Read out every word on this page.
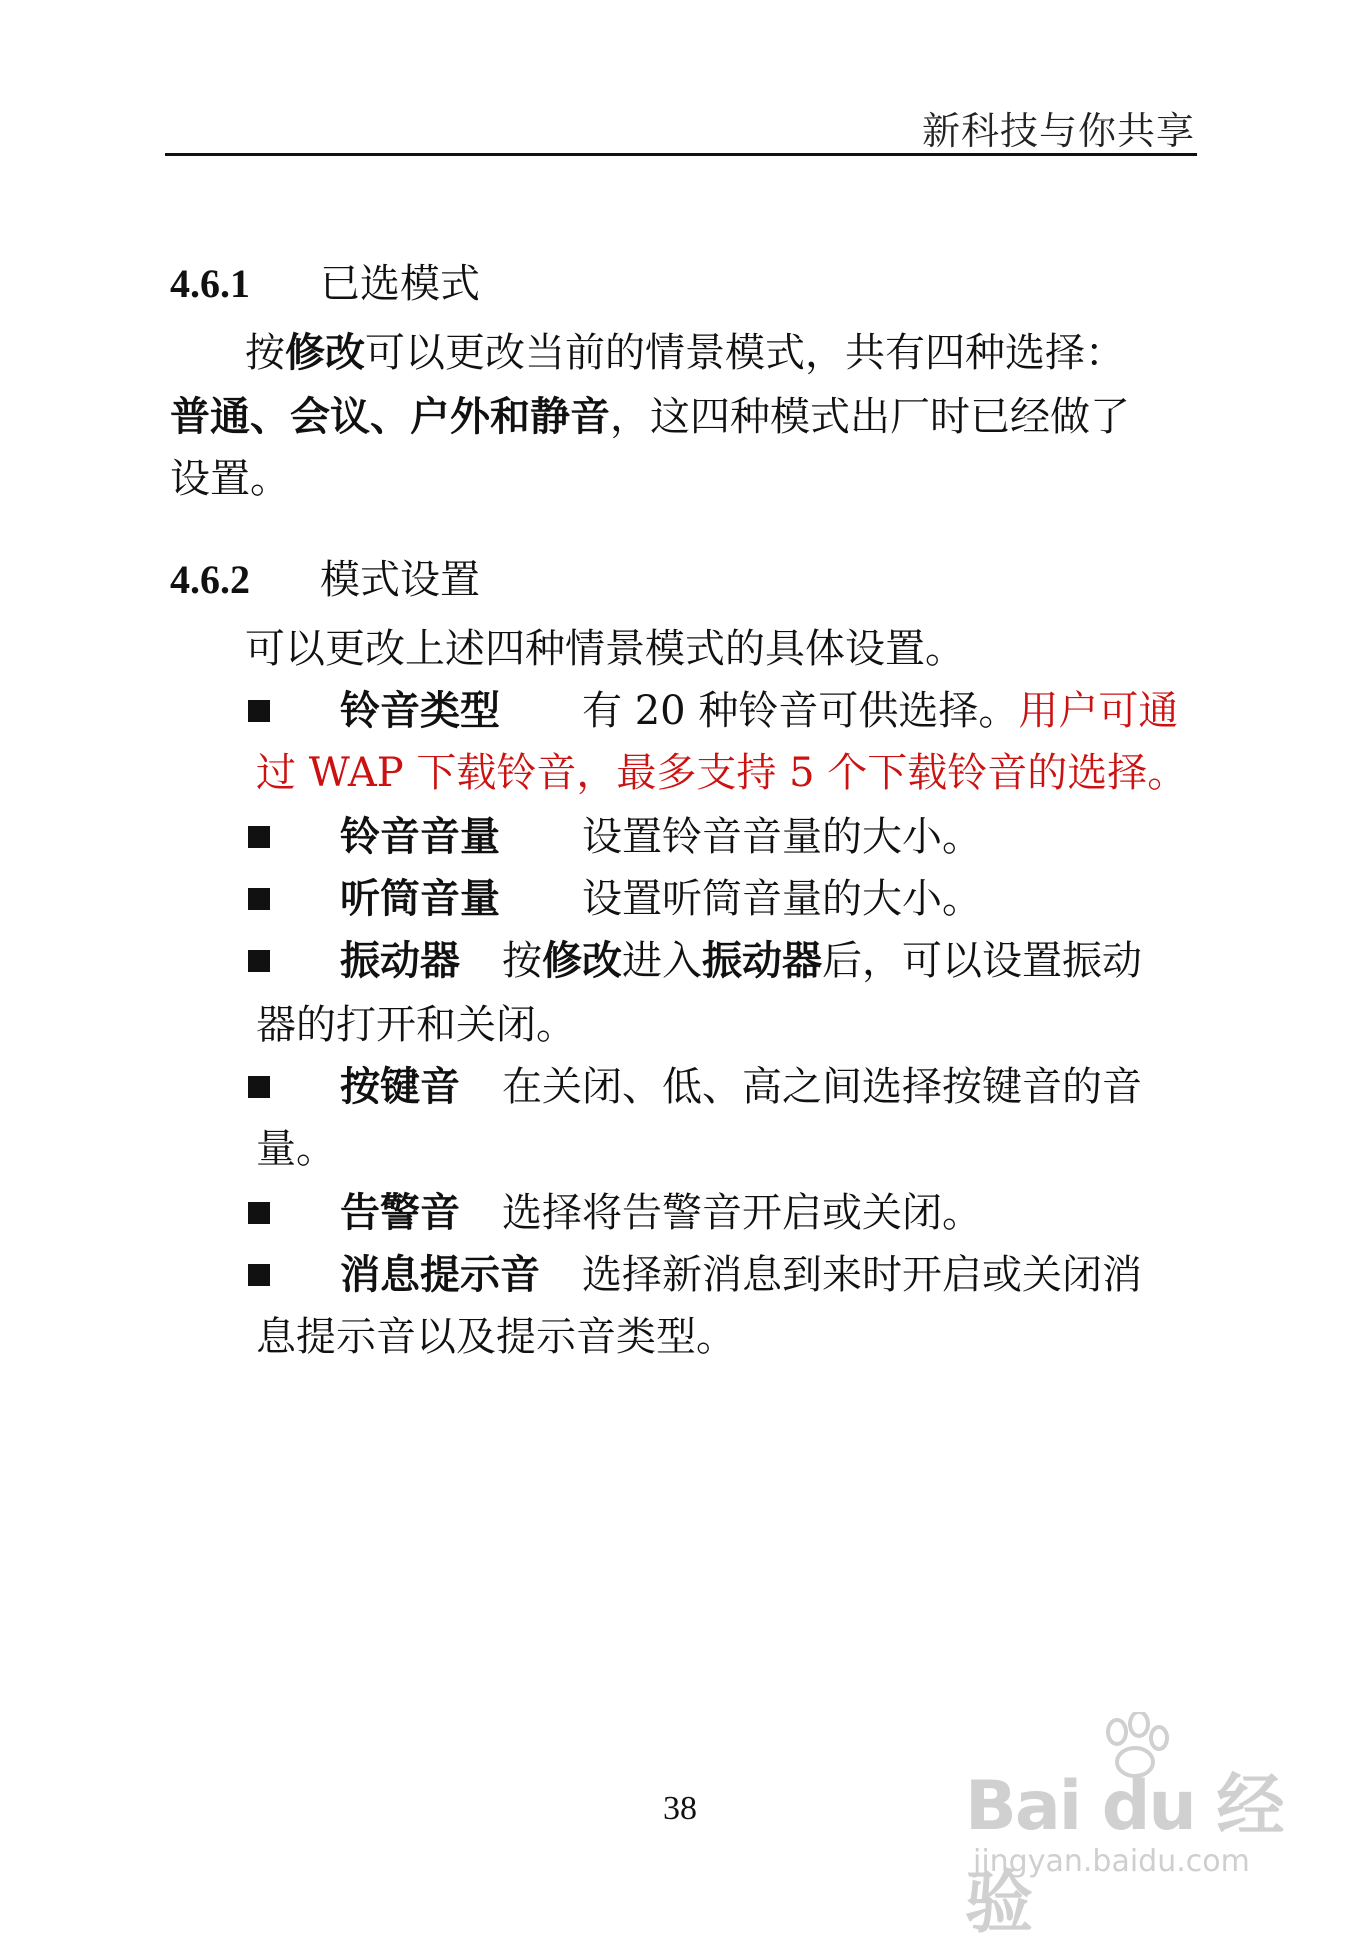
新科技与你共享
4.6.1 已选模式
按修改可以更改当前的情景模式，共有四种选择：
普通、会议、户外和静音，这四种模式出厂时已经做了
设置。
4.6.2 模式设置
可以更改上述四种情景模式的具体设置。
铃音类型 有 20 种铃音可供选择。用户可通
过 WAP 下载铃音，最多支持 5 个下载铃音的选择。
铃音音量 设置铃音音量的大小。
听筒音量 设置听筒音量的大小。
振动器 按修改进入振动器后，可以设置振动
器的打开和关闭。
按键音 在关闭、低、高之间选择按键音的音
量。
告警音 选择将告警音开启或关闭。
消息提示音 选择新消息到来时开启或关闭消
息提示音以及提示音类型。
38	Bai du 经验
jingyan.baidu.com
